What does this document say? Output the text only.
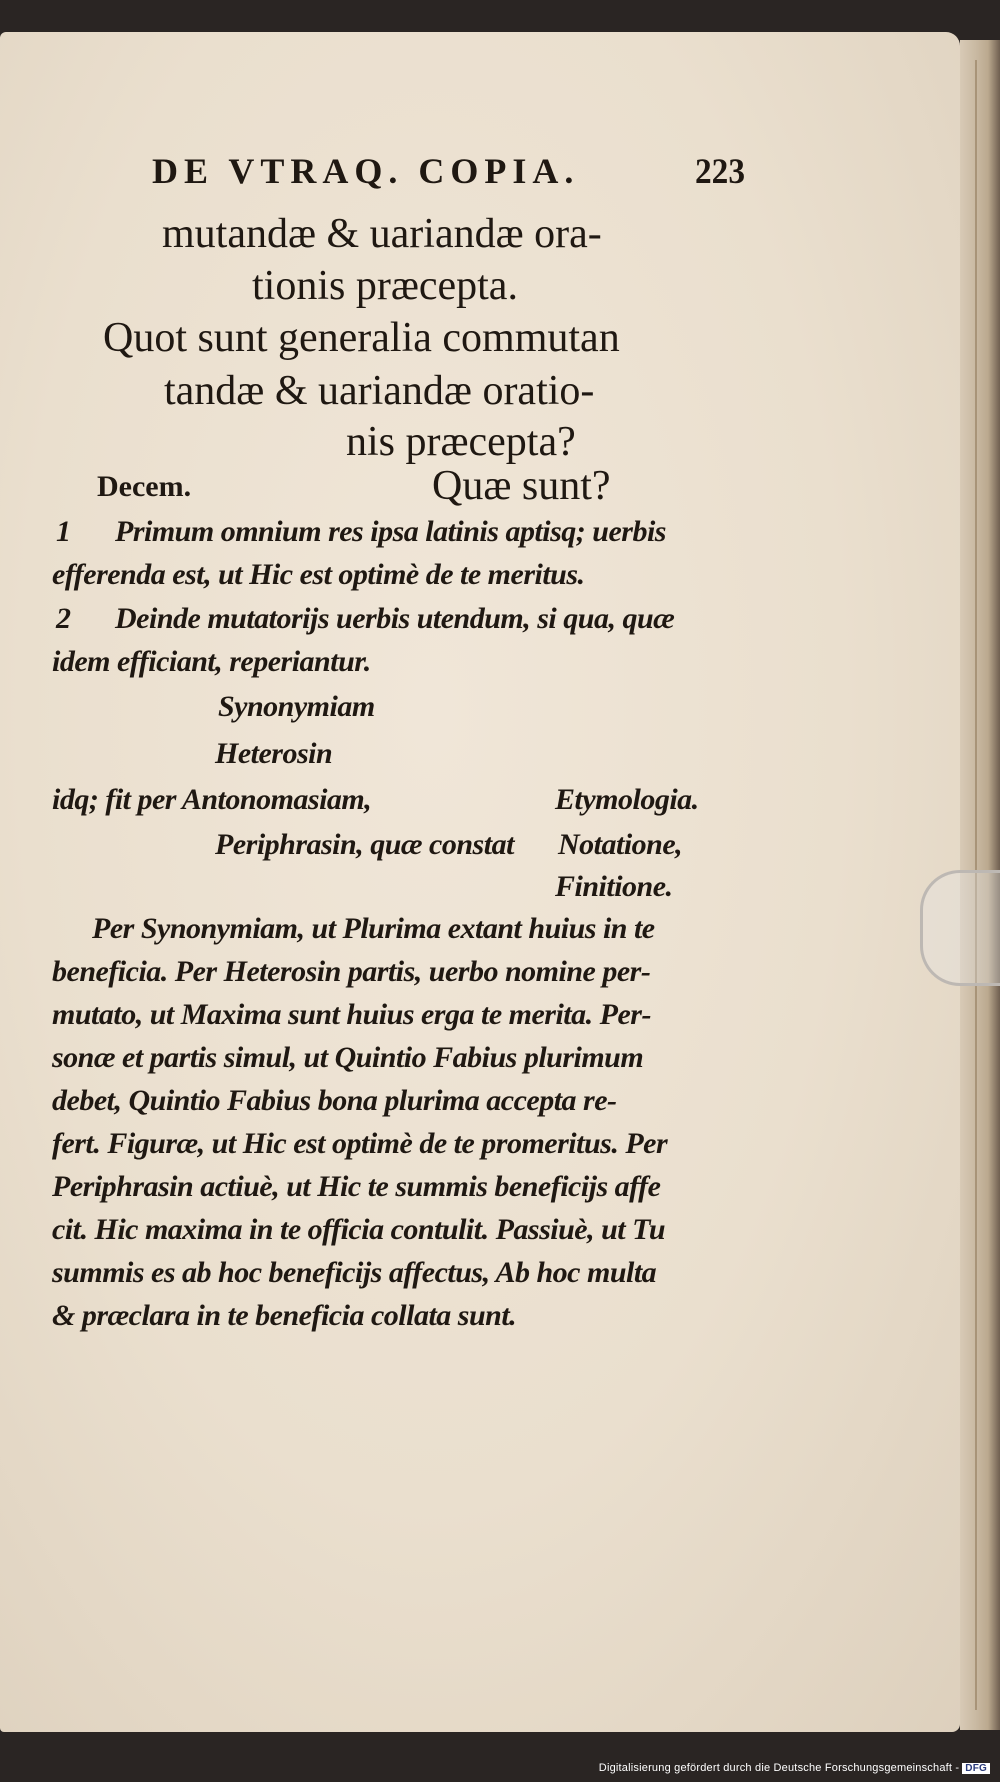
DE VTRAQ. COPIA.	223
mutandæ & uariandæ ora-
tionis præcepta.
Quot sunt generalia commutan
tandæ & uariandæ oratio-
nis præcepta?
Decem.	Quæ sunt?
1 Primum omnium res ipsa latinis aptisq; uerbis
efferenda est, ut Hic est optimè de te meritus.
2 Deinde mutatorijs uerbis utendum, si qua, quæ
idem efficiant, reperiantur.
Synonymiam
Heterosin
idq; fit per Antonomasiam,	Etymologia.
Periphrasin, quæ constat Notatione,
Finitione.
Per Synonymiam, ut Plurima extant huius in te
beneficia. Per Heterosin partis, uerbo nomine per-
mutato, ut Maxima sunt huius erga te merita. Per-
sonæ et partis simul, ut Quintio Fabius plurimum
debet, Quintio Fabius bona plurima accepta re-
fert. Figuræ, ut Hic est optimè de te promeritus. Per
Periphrasin actiuè, ut Hic te summis beneficijs affe
cit. Hic maxima in te officia contulit. Passiuè, ut Tu
summis es ab hoc beneficijs affectus, Ab hoc multa
& præclara in te beneficia collata sunt.
Digitalisierung gefördert durch die Deutsche Forschungsgemeinschaft - DFG
